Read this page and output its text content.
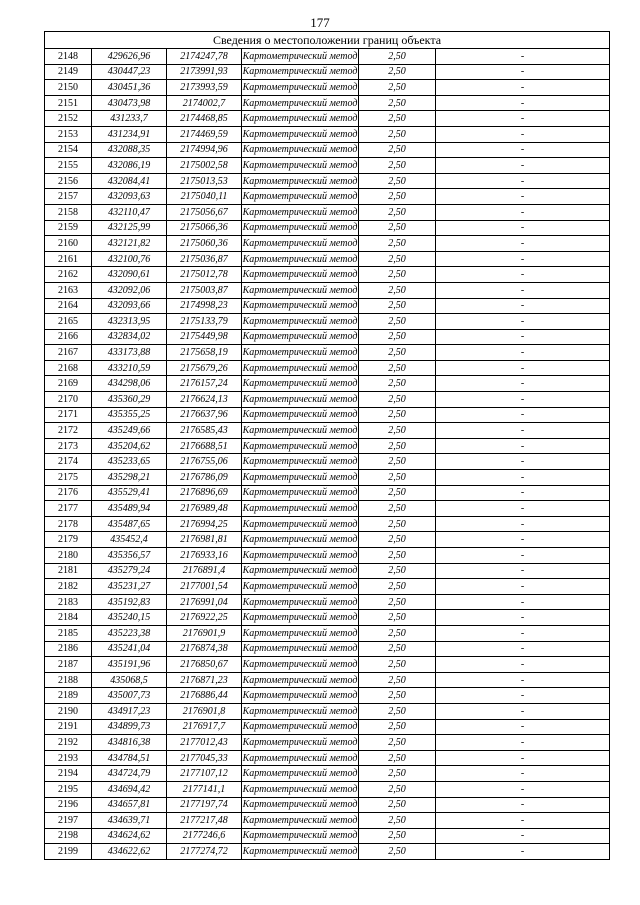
177
Сведения о местоположении границ объекта					
2148	429626,96	2174247,78	Картометрический метод	2,50	-
2149	430447,23	2173991,93	Картометрический метод	2,50	-
2150	430451,36	2173993,59	Картометрический метод	2,50	-
2151	430473,98	2174002,7	Картометрический метод	2,50	-
2152	431233,7	2174468,85	Картометрический метод	2,50	-
2153	431234,91	2174469,59	Картометрический метод	2,50	-
2154	432088,35	2174994,96	Картометрический метод	2,50	-
2155	432086,19	2175002,58	Картометрический метод	2,50	-
2156	432084,41	2175013,53	Картометрический метод	2,50	-
2157	432093,63	2175040,11	Картометрический метод	2,50	-
2158	432110,47	2175056,67	Картометрический метод	2,50	-
2159	432125,99	2175066,36	Картометрический метод	2,50	-
2160	432121,82	2175060,36	Картометрический метод	2,50	-
2161	432100,76	2175036,87	Картометрический метод	2,50	-
2162	432090,61	2175012,78	Картометрический метод	2,50	-
2163	432092,06	2175003,87	Картометрический метод	2,50	-
2164	432093,66	2174998,23	Картометрический метод	2,50	-
2165	432313,95	2175133,79	Картометрический метод	2,50	-
2166	432834,02	2175449,98	Картометрический метод	2,50	-
2167	433173,88	2175658,19	Картометрический метод	2,50	-
2168	433210,59	2175679,26	Картометрический метод	2,50	-
2169	434298,06	2176157,24	Картометрический метод	2,50	-
2170	435360,29	2176624,13	Картометрический метод	2,50	-
2171	435355,25	2176637,96	Картометрический метод	2,50	-
2172	435249,66	2176585,43	Картометрический метод	2,50	-
2173	435204,62	2176688,51	Картометрический метод	2,50	-
2174	435233,65	2176755,06	Картометрический метод	2,50	-
2175	435298,21	2176786,09	Картометрический метод	2,50	-
2176	435529,41	2176896,69	Картометрический метод	2,50	-
2177	435489,94	2176989,48	Картометрический метод	2,50	-
2178	435487,65	2176994,25	Картометрический метод	2,50	-
2179	435452,4	2176981,81	Картометрический метод	2,50	-
2180	435356,57	2176933,16	Картометрический метод	2,50	-
2181	435279,24	2176891,4	Картометрический метод	2,50	-
2182	435231,27	2177001,54	Картометрический метод	2,50	-
2183	435192,83	2176991,04	Картометрический метод	2,50	-
2184	435240,15	2176922,25	Картометрический метод	2,50	-
2185	435223,38	2176901,9	Картометрический метод	2,50	-
2186	435241,04	2176874,38	Картометрический метод	2,50	-
2187	435191,96	2176850,67	Картометрический метод	2,50	-
2188	435068,5	2176871,23	Картометрический метод	2,50	-
2189	435007,73	2176886,44	Картометрический метод	2,50	-
2190	434917,23	2176901,8	Картометрический метод	2,50	-
2191	434899,73	2176917,7	Картометрический метод	2,50	-
2192	434816,38	2177012,43	Картометрический метод	2,50	-
2193	434784,51	2177045,33	Картометрический метод	2,50	-
2194	434724,79	2177107,12	Картометрический метод	2,50	-
2195	434694,42	2177141,1	Картометрический метод	2,50	-
2196	434657,81	2177197,74	Картометрический метод	2,50	-
2197	434639,71	2177217,48	Картометрический метод	2,50	-
2198	434624,62	2177246,6	Картометрический метод	2,50	-
2199	434622,62	2177274,72	Картометрический метод	2,50	-
